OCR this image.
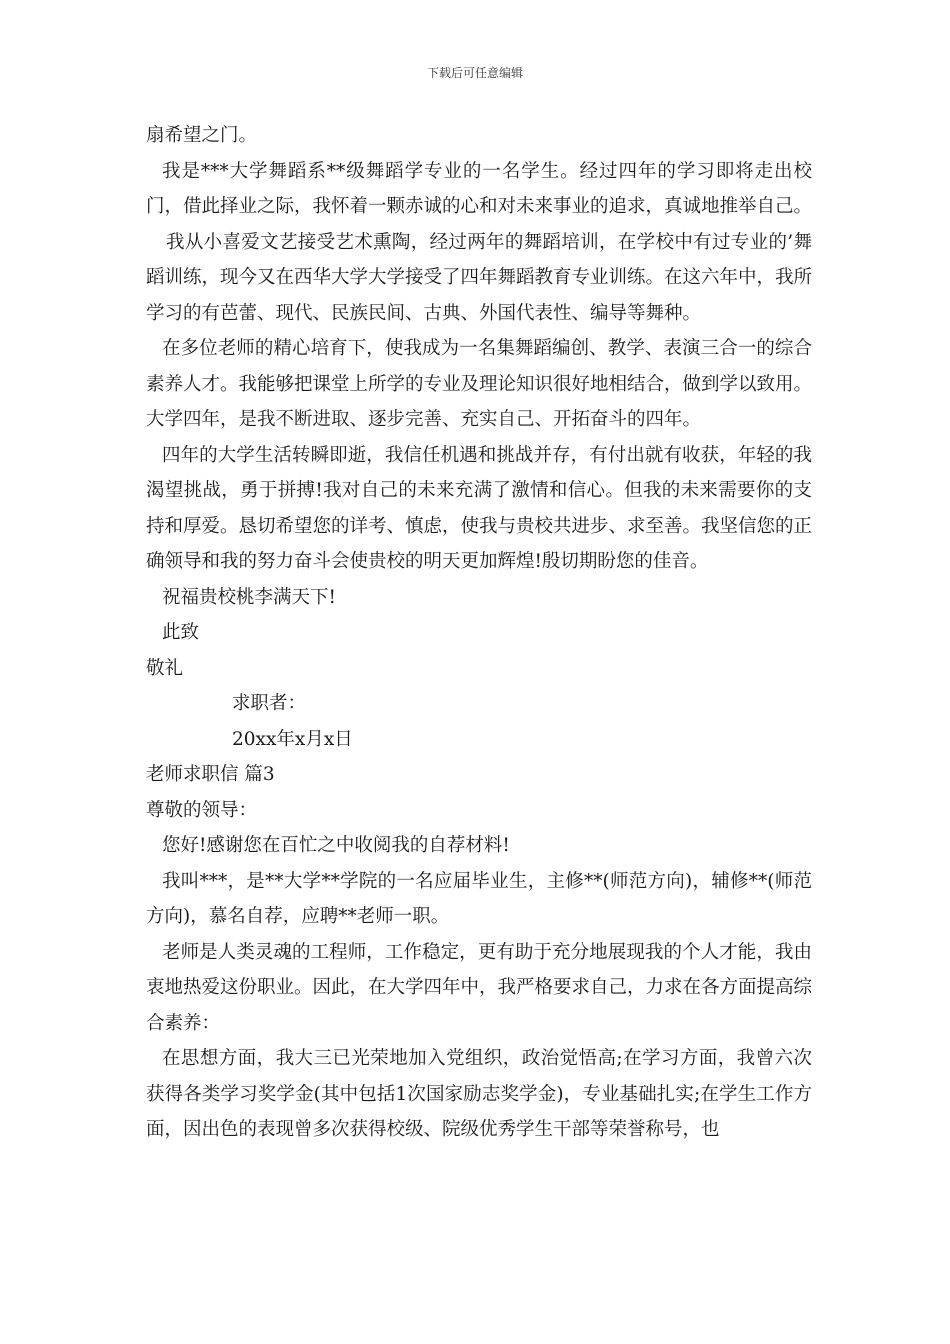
下载后可任意编辑

扇希望之门。

我是***大学舞蹈系**级舞蹈学专业的一名学生。经过四年的学习即将走出校门，借此择业之际，我怀着一颗赤诚的心和对未来事业的追求，真诚地推举自己。

我从小喜爱文艺接受艺术熏陶，经过两年的舞蹈培训，在学校中有过专业的’舞蹈训练，现今又在西华大学大学接受了四年舞蹈教育专业训练。在这六年中，我所学习的有芭蕾、现代、民族民间、古典、外国代表性、编导等舞种。

在多位老师的精心培育下，使我成为一名集舞蹈编创、教学、表演三合一的综合素养人才。我能够把课堂上所学的专业及理论知识很好地相结合，做到学以致用。大学四年，是我不断进取、逐步完善、充实自己、开拓奋斗的四年。

四年的大学生活转瞬即逝，我信任机遇和挑战并存，有付出就有收获，年轻的我渴望挑战，勇于拼搏!我对自己的未来充满了激情和信心。但我的未来需要你的支持和厚爱。恳切希望您的详考、慎虑，使我与贵校共进步、求至善。我坚信您的正确领导和我的努力奋斗会使贵校的明天更加辉煌!殷切期盼您的佳音。

祝福贵校桃李满天下!

此致

敬礼

求职者：

20xx年x月x日

老师求职信 篇3

尊敬的领导：

您好!感谢您在百忙之中收阅我的自荐材料!

我叫***，是**大学**学院的一名应届毕业生，主修**(师范方向)，辅修**(师范方向)，慕名自荐，应聘**老师一职。

老师是人类灵魂的工程师，工作稳定，更有助于充分地展现我的个人才能，我由衷地热爱这份职业。因此，在大学四年中，我严格要求自己，力求在各方面提高综合素养：

在思想方面，我大三已光荣地加入党组织，政治觉悟高;在学习方面，我曾六次获得各类学习奖学金(其中包括1次国家励志奖学金)，专业基础扎实;在学生工作方面，因出色的表现曾多次获得校级、院级优秀学生干部等荣誉称号，也
